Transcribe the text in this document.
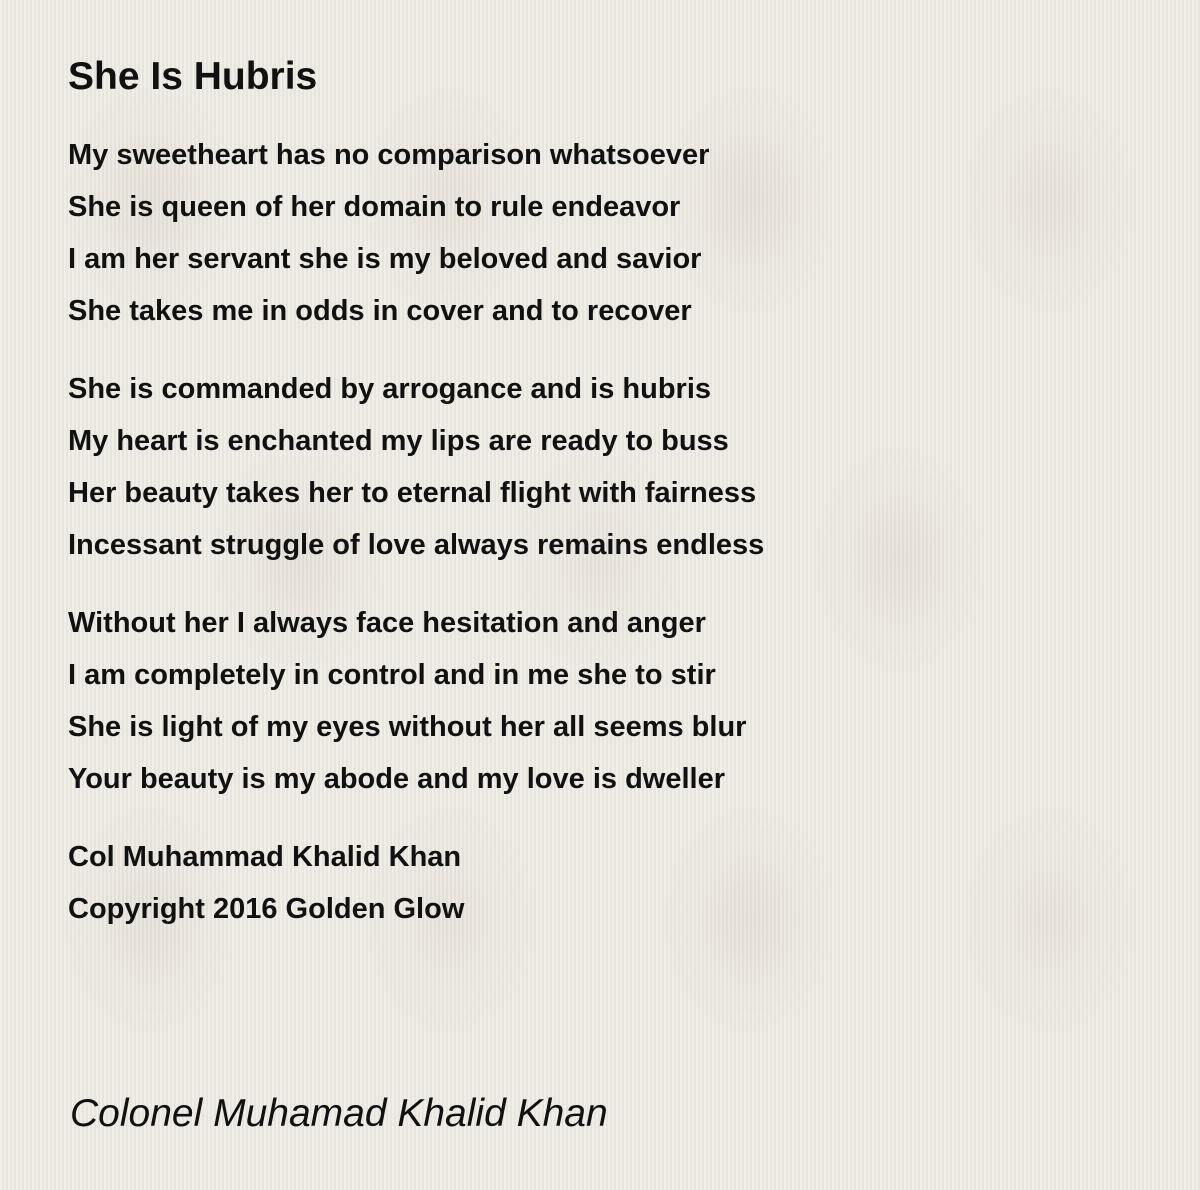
She Is Hubris
My sweetheart has no comparison whatsoever
She is queen of her domain to rule endeavor
I am her servant she is my beloved and savior
She takes me in odds in cover and to recover
She is commanded by arrogance and is hubris
My heart is enchanted my lips are ready to buss
Her beauty takes her to eternal flight with fairness
Incessant struggle of love always remains endless
Without her I always face hesitation and anger
I am completely in control and in me she to stir
She is light of my eyes without her all seems blur
Your beauty is my abode and my love is dweller
Col Muhammad Khalid Khan
Copyright 2016 Golden Glow
Colonel Muhamad Khalid Khan
